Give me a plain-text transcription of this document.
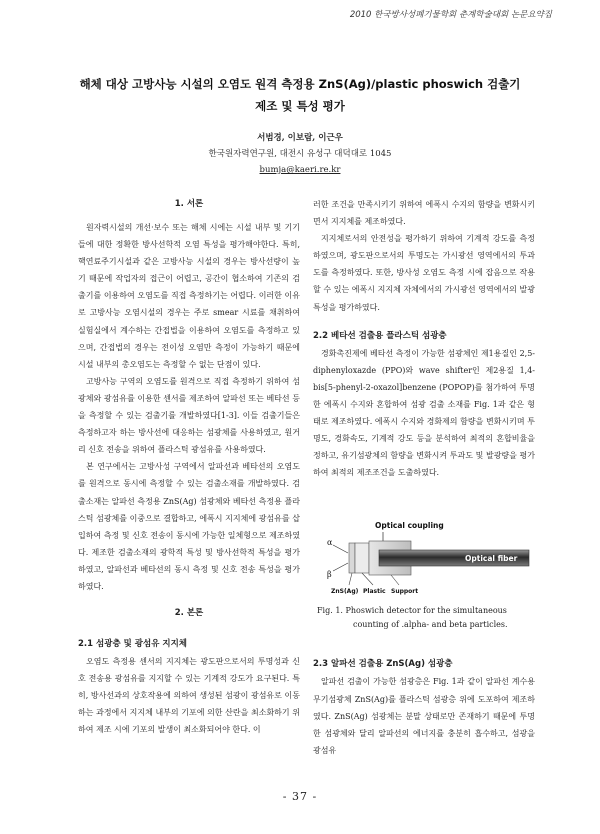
2010 한국방사성폐기물학회 춘계학술대회 논문요약집
해체 대상 고방사능 시설의 오염도 원격 측정용 ZnS(Ag)/plastic phoswich 검출기
제조 및 특성 평가
서범경, 이보람, 이근우
한국원자력연구원, 대전시 유성구 대덕대로 1045
bumja@kaeri.re.kr
1. 서론

원자력시설의 개선·보수 또는 해체 시에는 시설 내부 및 기기들에 대한 정확한 방사선학적 오염 특성을 평가해야한다. 특히, 핵연료주기시설과 같은 고방사능 시설의 경우는 방사선량이 높기 때문에 작업자의 접근이 어렵고, 공간이 협소하여 기존의 검출기를 이용하여 오염도를 직접 측정하기는 어렵다. 이러한 이유로 고방사능 오염시설의 경우는 주로 smear 시료를 채취하여 실험실에서 계수하는 간접법을 이용하여 오염도를 측정하고 있으며, 간접법의 경우는 전이성 오염만 측정이 가능하기 때문에 시설 내부의 총오염도는 측정할 수 없는 단점이 있다.

고방사능 구역의 오염도를 원격으로 직접 측정하기 위하여 섬광체와 광섬유를 이용한 센서를 제조하여 알파선 또는 베타선 등을 측정할 수 있는 검출기를 개발하였다[1-3]. 이들 검출기들은 측정하고자 하는 방사선에 대응하는 섬광체를 사용하였고, 원거리 신호 전송을 위하여 플라스틱 광섬유를 사용하였다.

본 연구에서는 고방사성 구역에서 알파선과 베타선의 오염도를 원격으로 동시에 측정할 수 있는 검출소재를 개발하였다. 검출소재는 알파선 측정용 ZnS(Ag) 섬광체와 베타선 측정용 플라스틱 섬광체를 이중으로 결합하고, 에폭시 지지체에 광섬유를 삽입하여 측정 및 신호 전송이 동시에 가능한 일체형으로 제조하였다. 제조한 검출소재의 광학적 특성 및 방사선학적 특성을 평가하였고, 알파선과 베타선의 동시 측정 및 신호 전송 특성을 평가하였다.

2. 본론
2.1 섬광층 및 광섬유 지지체

오염도 측정용 센서의 지지체는 광도판으로서의 투명성과 신호 전송용 광섬유를 지지할 수 있는 기계적 강도가 요구된다. 특히, 방사선과의 상호작용에 의하여 생성된 섬광이 광섬유로 이동하는 과정에서 지지체 내부의 기포에 의한 산란을 최소화하기 위하여 제조 시에 기포의 발생이 최소화되어야 한다. 이

러한 조건을 만족시키기 위하여 에폭시 수지의 함량을 변화시키면서 지지체를 제조하였다.

지지체로서의 안전성을 평가하기 위하여 기계적 강도를 측정하였으며, 광도판으로서의 투명도는 가시광선 영역에서의 투과도를 측정하였다. 또한, 방사성 오염도 측정 시에 잡음으로 작용할 수 있는 에폭시 지지체 자체에서의 가시광선 영역에서의 발광 특성을 평가하였다.

2.2 베타선 검출용 플라스틱 섬광층

경화촉진제에 베타선 측정이 가능한 섬광체인 제1용질인 2,5-diphenyloxazde (PPO)와 wave shifter인 제2용질 1,4-bis[5-phenyl-2-oxazol]benzene (POPOP)를 첨가하여 투명한 에폭시 수지와 혼합하여 섬광 검출 소재를 Fig. 1과 같은 형태로 제조하였다. 에폭시 수지와 경화제의 함량을 변화시키며 투명도, 경화속도, 기계적 강도 등을 분석하여 최적의 혼합비율을 정하고, 유기섬광체의 함량을 변화시켜 투과도 및 발광량을 평가하여 최적의 제조조건을 도출하였다.

Optical coupling
Optical fiber
α
β
ZnS(Ag) Plastic Support
Fig. 1. Phoswich detector for the simultaneous
counting of .alpha- and beta particles.
2.3 알파선 검출용 ZnS(Ag) 섬광층

알파선 검출이 가능한 섬광층은 Fig. 1과 같이 알파선 계수용 무기섬광체 ZnS(Ag)를 플라스틱 섬광층 위에 도포하여 제조하였다. ZnS(Ag) 섬광체는 분말 상태로만 존재하기 때문에 투명한 섬광체와 달리 알파선의 에너지를 충분히 흡수하고, 섬광을 광섬유

- 37 -
